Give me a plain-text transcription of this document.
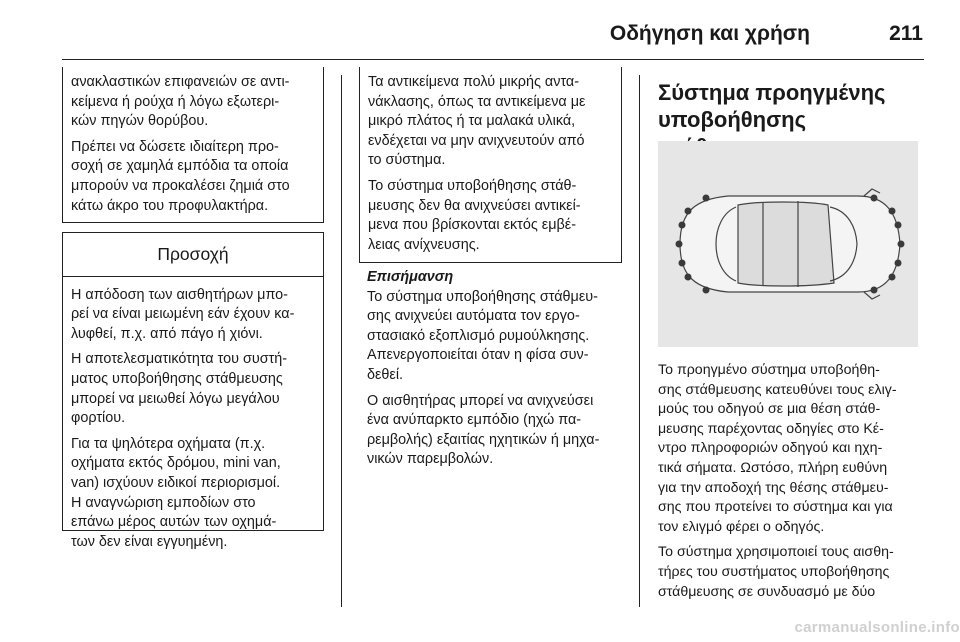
Οδήγηση και χρήση	211

ανακλαστικών επιφανειών σε αντι-
κείμενα ή ρούχα ή λόγω εξωτερι-
κών πηγών θορύβου.

Πρέπει να δώσετε ιδιαίτερη προ-
σοχή σε χαμηλά εμπόδια τα οποία
μπορούν να προκαλέσει ζημιά στο
κάτω άκρο του προφυλακτήρα.

Προσοχή

Η απόδοση των αισθητήρων μπο-
ρεί να είναι μειωμένη εάν έχουν κα-
λυφθεί, π.χ. από πάγο ή χιόνι.

Η αποτελεσματικότητα του συστή-
ματος υποβοήθησης στάθμευσης
μπορεί να μειωθεί λόγω μεγάλου
φορτίου.

Για τα ψηλότερα οχήματα (π.χ.
οχήματα εκτός δρόμου, mini van,
van) ισχύουν ειδικοί περιορισμοί.
Η αναγνώριση εμποδίων στο
επάνω μέρος αυτών των οχημά-
των δεν είναι εγγυημένη.

Τα αντικείμενα πολύ μικρής αντα-
νάκλασης, όπως τα αντικείμενα με
μικρό πλάτος ή τα μαλακά υλικά,
ενδέχεται να μην ανιχνευτούν από
το σύστημα.

Το σύστημα υποβοήθησης στάθ-
μευσης δεν θα ανιχνεύσει αντικεί-
μενα που βρίσκονται εκτός εμβέ-
λειας ανίχνευσης.

Επισήμανση

Το σύστημα υποβοήθησης στάθμευ-
σης ανιχνεύει αυτόματα τον εργο-
στασιακό εξοπλισμό ρυμούλκησης.
Απενεργοποιείται όταν η φίσα συν-
δεθεί.

Ο αισθητήρας μπορεί να ανιχνεύσει
ένα ανύπαρκτο εμπόδιο (ηχώ πα-
ρεμβολής) εξαιτίας ηχητικών ή μηχα-
νικών παρεμβολών.

Σύστημα προηγμένης
υποβοήθησης

Το προηγμένο σύστημα υποβοήθη-
σης στάθμευσης κατευθύνει τους ελιγ-
μούς του οδηγού σε μια θέση στάθ-
μευσης παρέχοντας οδηγίες στο Κέ-
ντρο πληροφοριών οδηγού και ηχη-
τικά σήματα. Ωστόσο, πλήρη ευθύνη
για την αποδοχή της θέσης στάθμευ-
σης που προτείνει το σύστημα και για
τον ελιγμό φέρει ο οδηγός.

Το σύστημα χρησιμοποιεί τους αισθη-
τήρες του συστήματος υποβοήθησης
στάθμευσης σε συνδυασμό με δύο

carmanualsonline.info
